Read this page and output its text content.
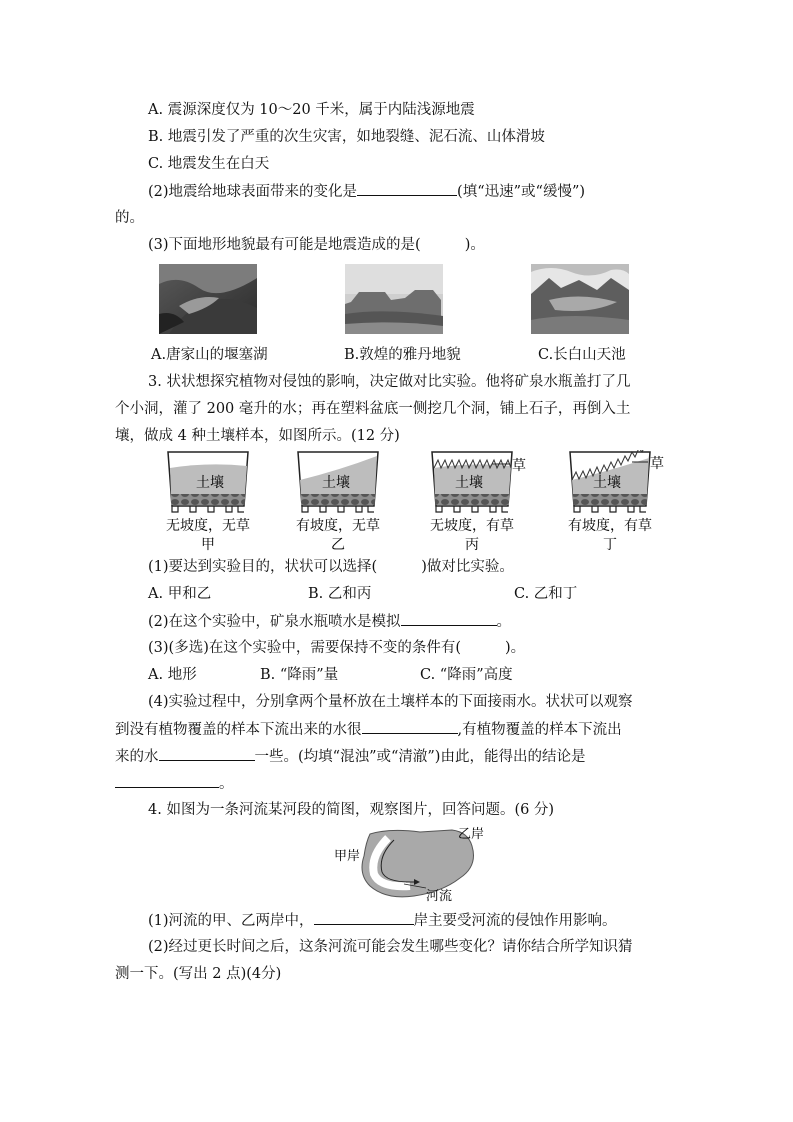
A. 震源深度仅为 10～20 千米，属于内陆浅源地震
B. 地震引发了严重的次生灾害，如地裂缝、泥石流、山体滑坡
C. 地震发生在白天
(2)地震给地球表面带来的变化是	(填“迅速”或“缓慢”)
的。
(3)下面地形地貌最有可能是地震造成的是(	)。
A.唐家山的堰塞湖	B.敦煌的雅丹地貌	C.长白山天池
3. 状状想探究植物对侵蚀的影响，决定做对比实验。他将矿泉水瓶盖打了几
个小洞，灌了 200 毫升的水；再在塑料盆底一侧挖几个洞，铺上石子，再倒入土
壤，做成 4 种土壤样本，如图所示。(12 分)
土壤	土壤	土壤
草
土壤
草
无坡度，无草
甲
有坡度，无草
乙
无坡度，有草
丙
有坡度，有草
丁
(1)要达到实验目的，状状可以选择(	)做对比实验。
A. 甲和乙	B. 乙和丙	C. 乙和丁
(2)在这个实验中，矿泉水瓶喷水是模拟	。
(3)(多选)在这个实验中，需要保持不变的条件有(	)。
A. 地形	B. “降雨”量	C. “降雨”高度
(4)实验过程中，分别拿两个量杯放在土壤样本的下面接雨水。状状可以观察
到没有植物覆盖的样本下流出来的水很	,有植物覆盖的样本下流出
来的水	一些。(均填“混浊”或“清澈”)由此，能得出的结论是
。
4. 如图为一条河流某河段的简图，观察图片，回答问题。(6 分)
甲岸
乙岸
河流
(1)河流的甲、乙两岸中，	岸主要受河流的侵蚀作用影响。
(2)经过更长时间之后，这条河流可能会发生哪些变化？请你结合所学知识猜
测一下。(写出 2 点)(4分)
